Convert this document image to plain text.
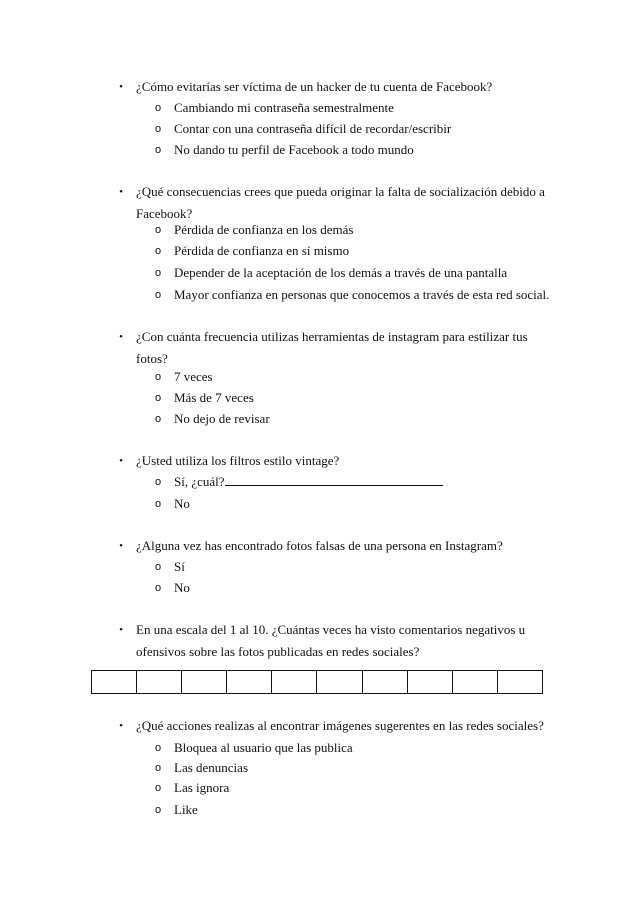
• ¿Cómo evitarías ser víctima de un hacker de tu cuenta de Facebook?
o Cambiando mi contraseña semestralmente
o Contar con una contraseña difícil de recordar/escribir
o No dando tu perfil de Facebook a todo mundo
• ¿Qué consecuencias crees que pueda originar la falta de socialización debido a Facebook?
o Pérdida de confianza en los demás
o Pérdida de confianza en sí mismo
o Depender de la aceptación de los demás a través de una pantalla
o Mayor confianza en personas que conocemos a través de esta red social.
• ¿Con cuánta frecuencia utilizas herramientas de instagram para estilizar tus fotos?
o 7 veces
o Más de 7 veces
o No dejo de revisar
• ¿Usted utiliza los filtros estilo vintage?
o Sí, ¿cuál?
o No
• ¿Alguna vez has encontrado fotos falsas de una persona en Instagram?
o Sí
o No
• En una escala del 1 al 10. ¿Cuántas veces ha visto comentarios negativos u ofensivos sobre las fotos publicadas en redes sociales?

• ¿Qué acciones realizas al encontrar imágenes sugerentes en las redes sociales?
o Bloquea al usuario que las publica
o Las denuncias
o Las ignora
o Like
